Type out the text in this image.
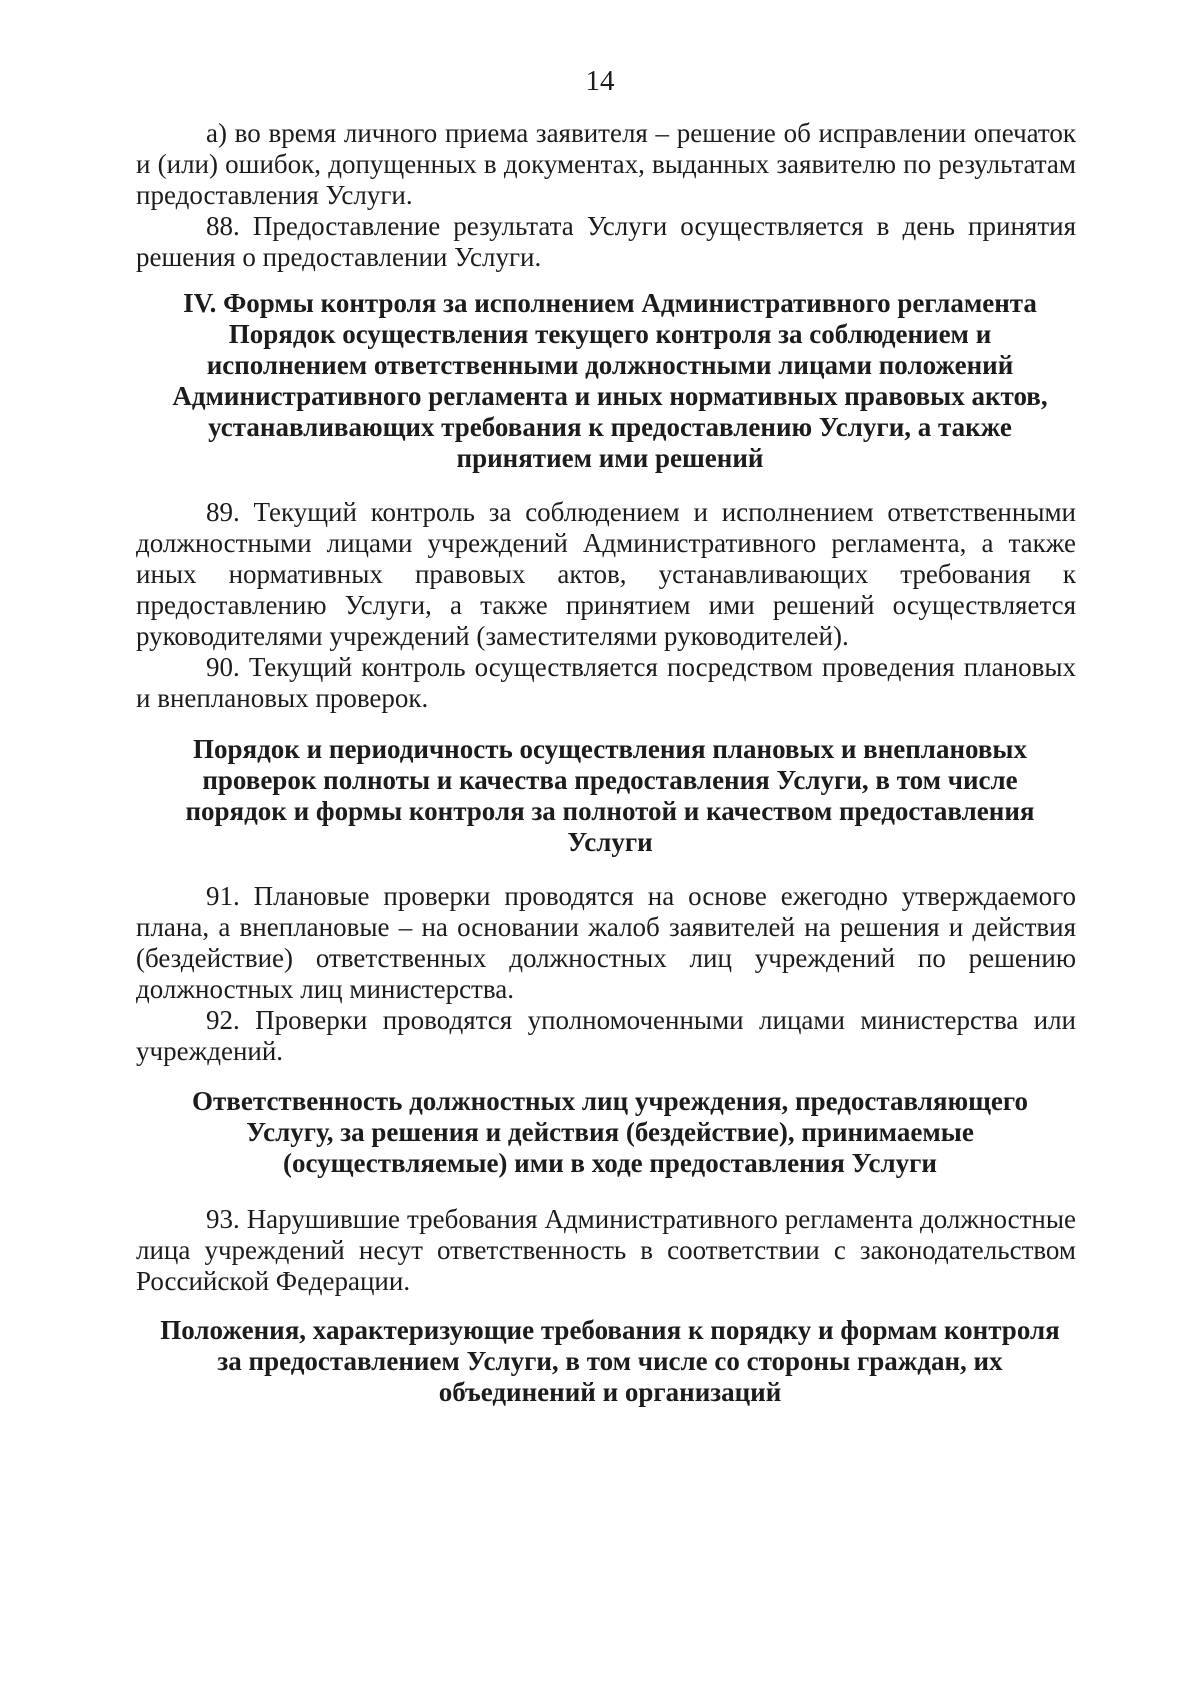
14

а) во время личного приема заявителя – решение об исправлении опечаток и (или) ошибок, допущенных в документах, выданных заявителю по результатам предоставления Услуги.

88. Предоставление результата Услуги осуществляется в день принятия решения о предоставлении Услуги.

IV. Формы контроля за исполнением Административного регламента
Порядок осуществления текущего контроля за соблюдением и
исполнением ответственными должностными лицами положений
Административного регламента и иных нормативных правовых актов,
устанавливающих требования к предоставлению Услуги, а также
принятием ими решений

89. Текущий контроль за соблюдением и исполнением ответственными должностными лицами учреждений Административного регламента, а также иных нормативных правовых актов, устанавливающих требования к предоставлению Услуги, а также принятием ими решений осуществляется руководителями учреждений (заместителями руководителей).

90. Текущий контроль осуществляется посредством проведения плановых и внеплановых проверок.

Порядок и периодичность осуществления плановых и внеплановых
проверок полноты и качества предоставления Услуги, в том числе
порядок и формы контроля за полнотой и качеством предоставления
Услуги

91. Плановые проверки проводятся на основе ежегодно утверждаемого плана, а внеплановые – на основании жалоб заявителей на решения и действия (бездействие) ответственных должностных лиц учреждений по решению должностных лиц министерства.

92. Проверки проводятся уполномоченными лицами министерства или учреждений.

Ответственность должностных лиц учреждения, предоставляющего
Услугу, за решения и действия (бездействие), принимаемые
(осуществляемые) ими в ходе предоставления Услуги

93. Нарушившие требования Административного регламента должностные лица учреждений несут ответственность в соответствии с законодательством Российской Федерации.

Положения, характеризующие требования к порядку и формам контроля
за предоставлением Услуги, в том числе со стороны граждан, их
объединений и организаций
